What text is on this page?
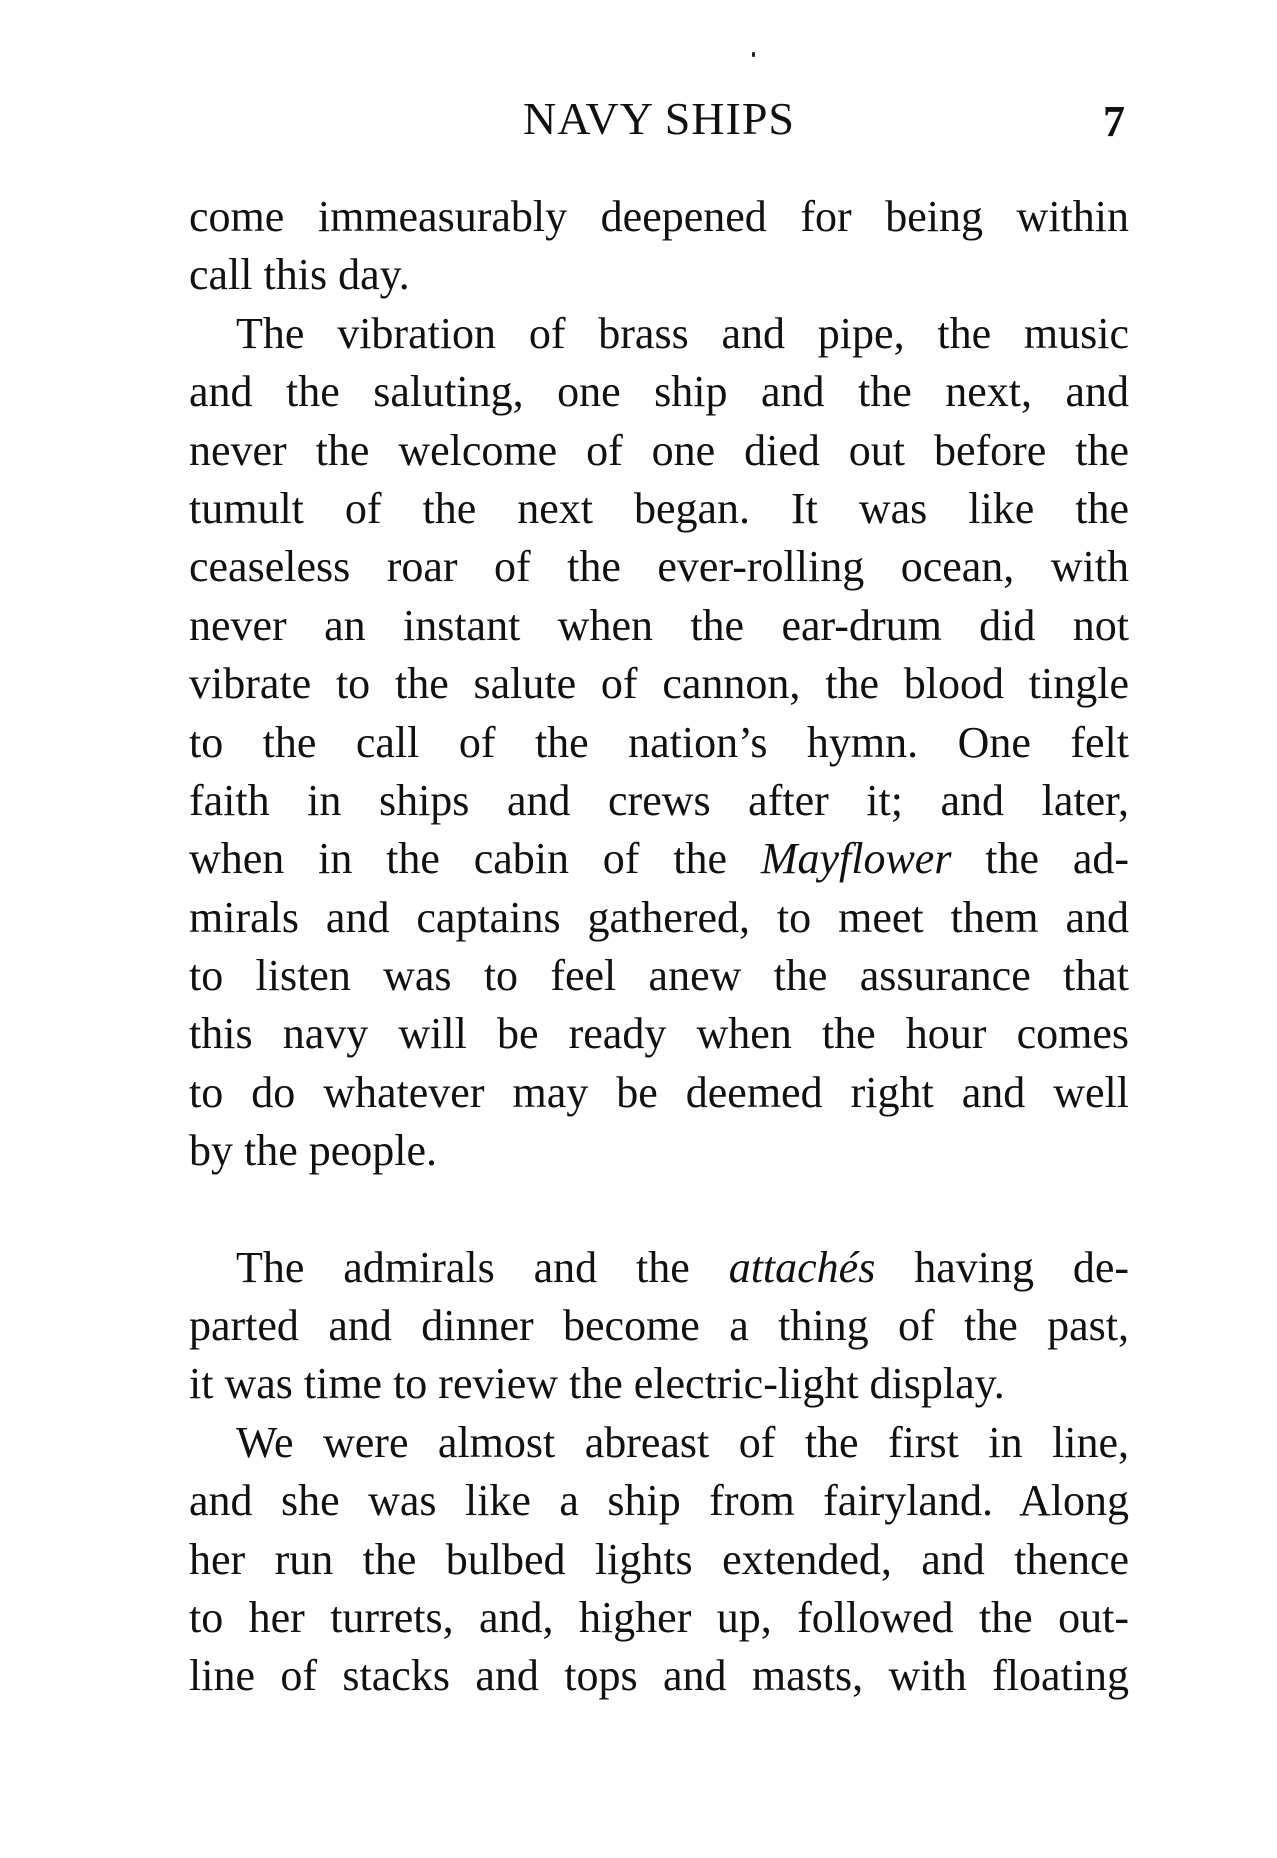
NAVY SHIPS	7
come immeasurably deepened for being within
call this day.
The vibration of brass and pipe, the music
and the saluting, one ship and the next, and
never the welcome of one died out before the
tumult of the next began. It was like the
ceaseless roar of the ever-rolling ocean, with
never an instant when the ear-drum did not
vibrate to the salute of cannon, the blood tingle
to the call of the nation’s hymn. One felt
faith in ships and crews after it; and later,
when in the cabin of the Mayflower the ad-
mirals and captains gathered, to meet them and
to listen was to feel anew the assurance that
this navy will be ready when the hour comes
to do whatever may be deemed right and well
by the people.
The admirals and the attachés having de-
parted and dinner become a thing of the past,
it was time to review the electric-light display.
We were almost abreast of the first in line,
and she was like a ship from fairyland. Along
her run the bulbed lights extended, and thence
to her turrets, and, higher up, followed the out-
line of stacks and tops and masts, with floating
